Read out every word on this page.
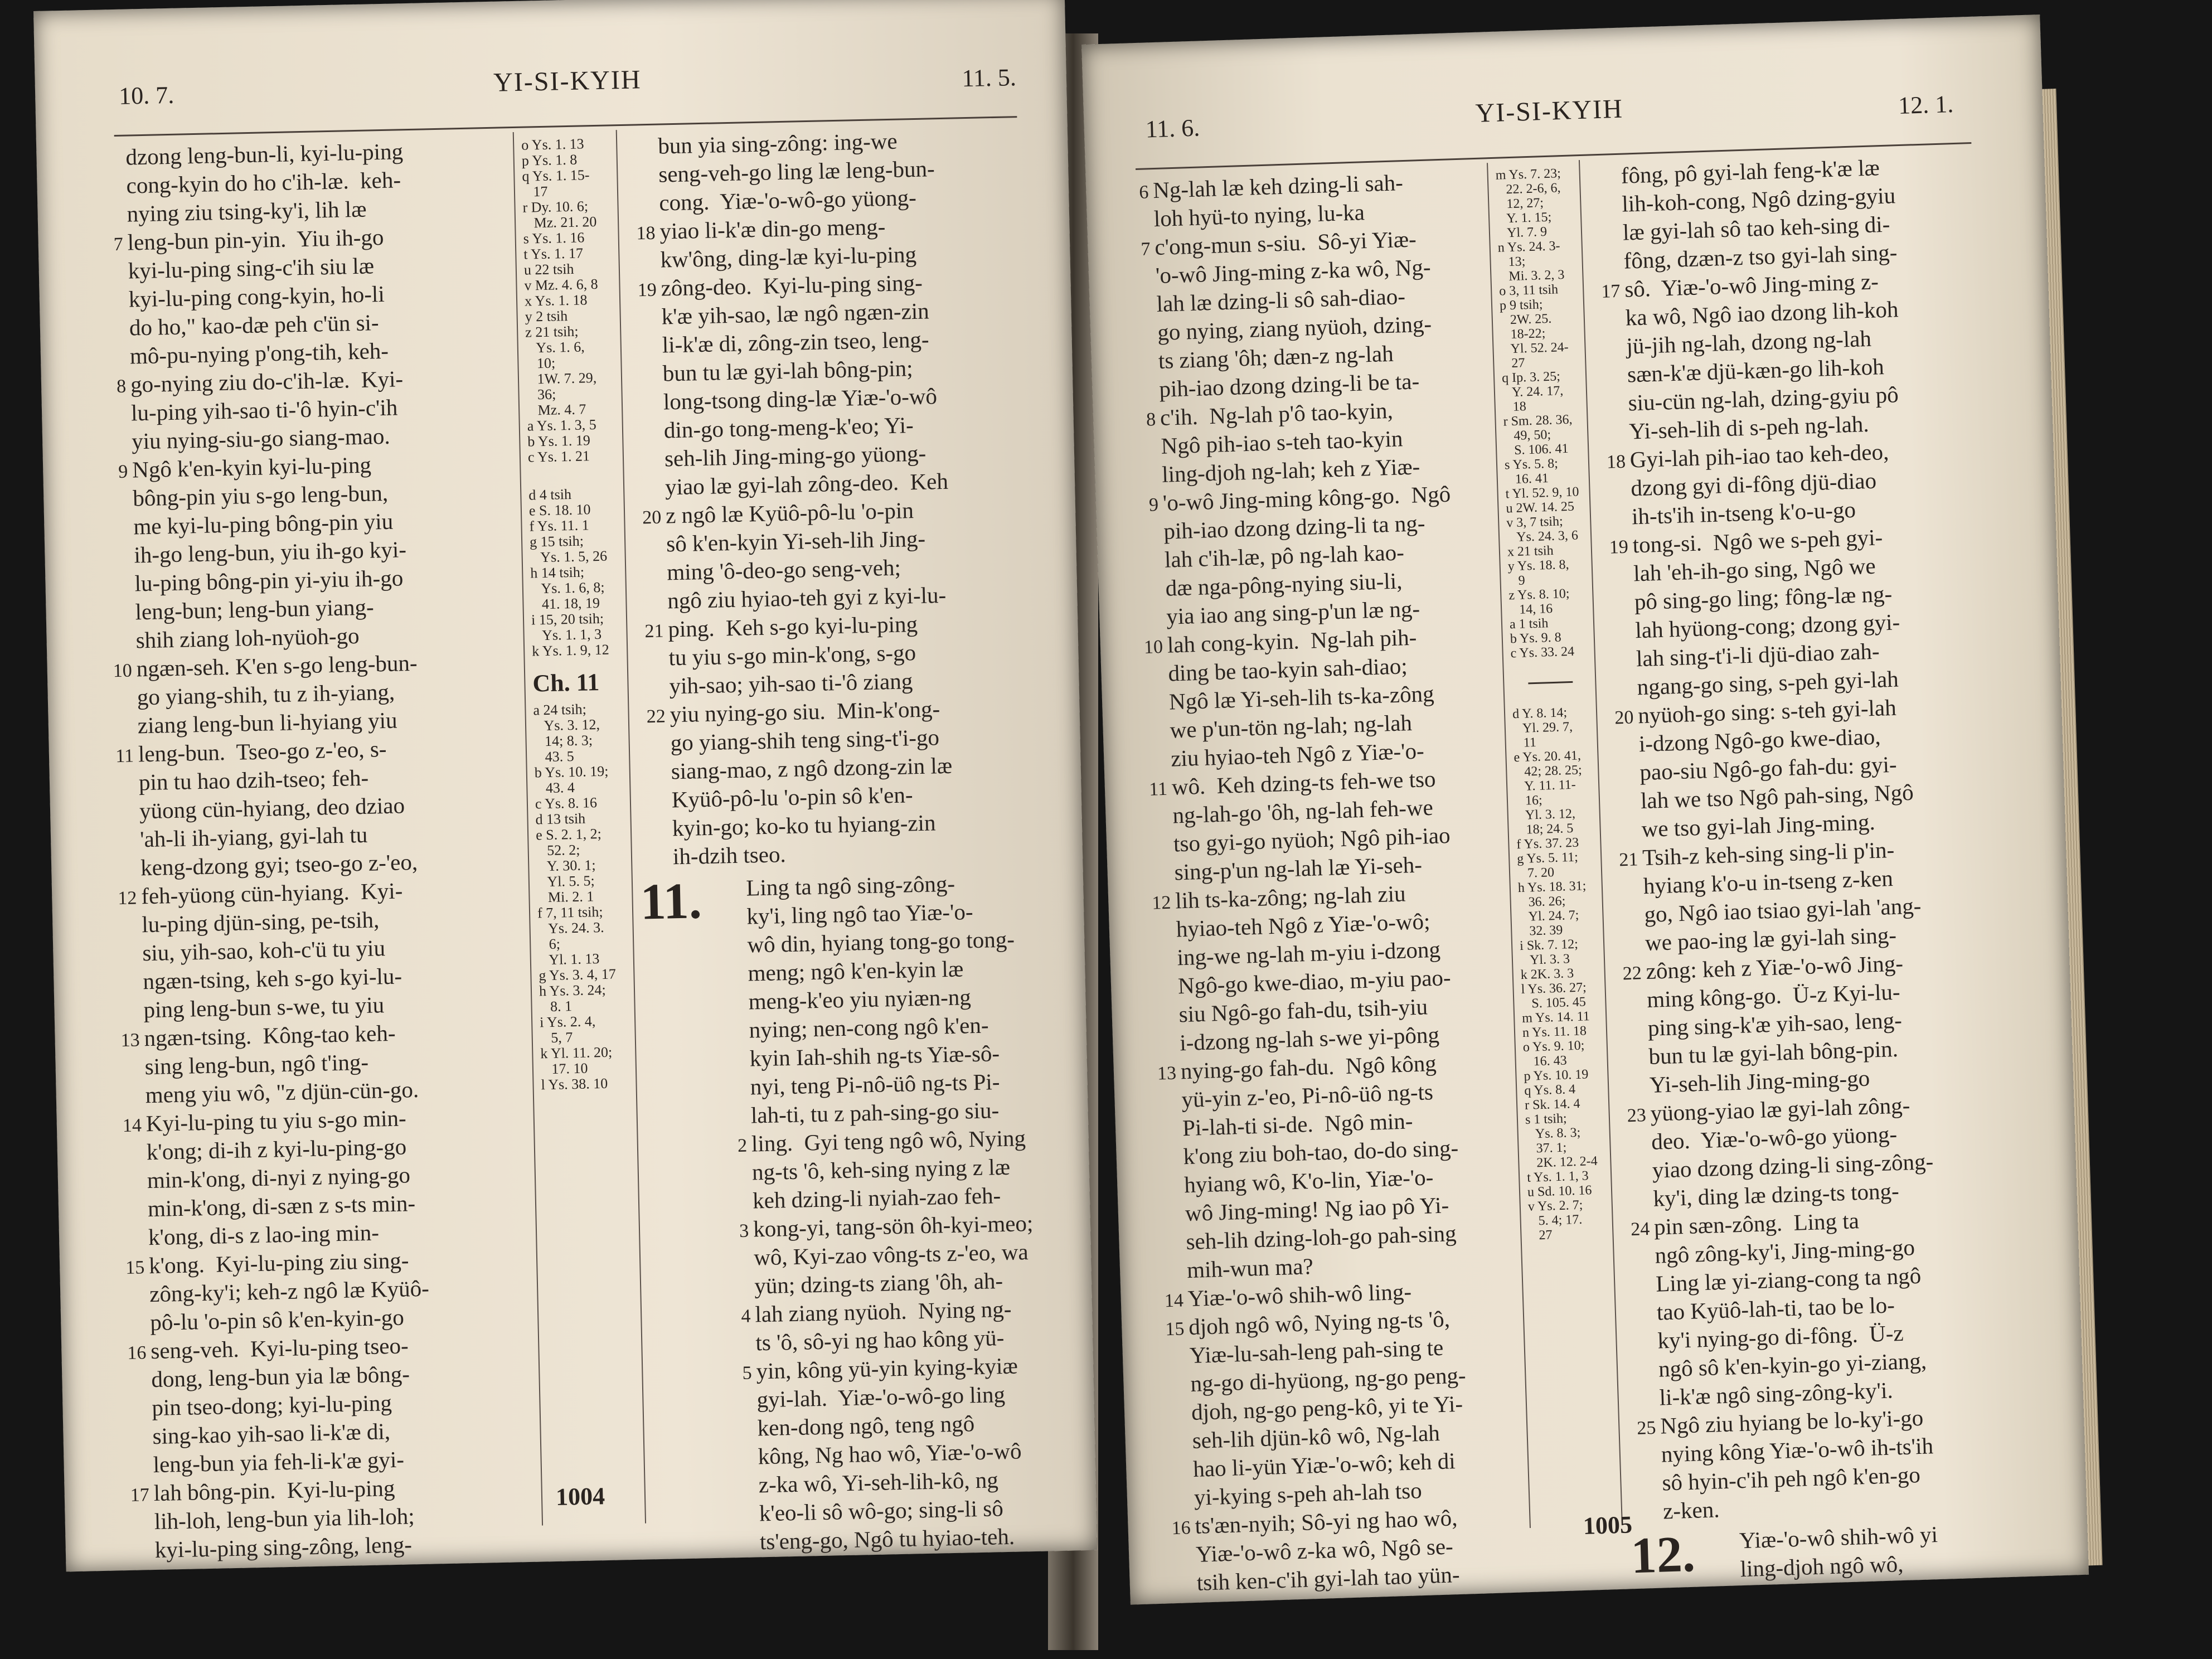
10. 7.	YI-SI-KYIH	11. 5.
dzong leng-bun-li, kyi-lu-ping
cong-kyin do ho c'ih-læ.  keh-
nying ziu tsing-ky'i, lih læ
7 leng-bun pin-yin.  Yiu ih-go
kyi-lu-ping sing-c'ih siu læ
kyi-lu-ping cong-kyin, ho-li
do ho," kao-dæ peh c'ün si-
mô-pu-nying p'ong-tih, keh-
8 go-nying ziu do-c'ih-læ.  Kyi-
lu-ping yih-sao ti-'ô hyin-c'ih
yiu nying-siu-go siang-mao.
9 Ngô k'en-kyin kyi-lu-ping
bông-pin yiu s-go leng-bun,
me kyi-lu-ping bông-pin yiu
ih-go leng-bun, yiu ih-go kyi-
lu-ping bông-pin yi-yiu ih-go
leng-bun; leng-bun yiang-
shih ziang loh-nyüoh-go
10 ngæn-seh. K'en s-go leng-bun-
go yiang-shih, tu z ih-yiang,
ziang leng-bun li-hyiang yiu
11 leng-bun.  Tseo-go z-'eo, s-
pin tu hao dzih-tseo; feh-
yüong cün-hyiang, deo dziao
'ah-li ih-yiang, gyi-lah tu
keng-dzong gyi; tseo-go z-'eo,
12 feh-yüong cün-hyiang.  Kyi-
lu-ping djün-sing, pe-tsih,
siu, yih-sao, koh-c'ü tu yiu
ngæn-tsing, keh s-go kyi-lu-
ping leng-bun s-we, tu yiu
13 ngæn-tsing.  Kông-tao keh-
sing leng-bun, ngô t'ing-
meng yiu wô, "z djün-cün-go.
14 Kyi-lu-ping tu yiu s-go min-
k'ong; di-ih z kyi-lu-ping-go
min-k'ong, di-nyi z nying-go
min-k'ong, di-sæn z s-ts min-
k'ong, di-s z lao-ing min-
15 k'ong.  Kyi-lu-ping ziu sing-
zông-ky'i; keh-z ngô læ Kyüô-
pô-lu 'o-pin sô k'en-kyin-go
16 seng-veh.  Kyi-lu-ping tseo-
dong, leng-bun yia læ bông-
pin tseo-dong; kyi-lu-ping
sing-kao yih-sao li-k'æ di,
leng-bun yia feh-li-k'æ gyi-
17 lah bông-pin.  Kyi-lu-ping
lih-loh, leng-bun yia lih-loh;
kyi-lu-ping sing-zông, leng-
o Ys. 1. 13
p Ys. 1. 8
q Ys. 1. 15-
17
r Dy. 10. 6;
Mz. 21. 20
s Ys. 1. 16
t Ys. 1. 17
u 22 tsih
v Mz. 4. 6, 8
x Ys. 1. 18
y 2 tsih
z 21 tsih;
Ys. 1. 6,
10;
1W. 7. 29,
36;
Mz. 4. 7
a Ys. 1. 3, 5
b Ys. 1. 19
c Ys. 1. 21
d 4 tsih
e S. 18. 10
f Ys. 11. 1
g 15 tsih;
Ys. 1. 5, 26
h 14 tsih;
Ys. 1. 6, 8;
41. 18, 19
i 15, 20 tsih;
Ys. 1. 1, 3
k Ys. 1. 9, 12
Ch. 11
a 24 tsih;
Ys. 3. 12,
14; 8. 3;
43. 5
b Ys. 10. 19;
43. 4
c Ys. 8. 16
d 13 tsih
e S. 2. 1, 2;
52. 2;
Y. 30. 1;
Yl. 5. 5;
Mi. 2. 1
f 7, 11 tsih;
Ys. 24. 3.
6;
Yl. 1. 13
g Ys. 3. 4, 17
h Ys. 3. 24;
8. 1
i Ys. 2. 4,
5, 7
k Yl. 11. 20;
17. 10
l Ys. 38. 10
bun yia sing-zông: ing-we
seng-veh-go ling læ leng-bun-
cong.  Yiæ-'o-wô-go yüong-
18 yiao li-k'æ din-go meng-
kw'ông, ding-læ kyi-lu-ping
19 zông-deo.  Kyi-lu-ping sing-
k'æ yih-sao, læ ngô ngæn-zin
li-k'æ di, zông-zin tseo, leng-
bun tu læ gyi-lah bông-pin;
long-tsong ding-læ Yiæ-'o-wô
din-go tong-meng-k'eo; Yi-
seh-lih Jing-ming-go yüong-
yiao læ gyi-lah zông-deo.  Keh
20 z ngô læ Kyüô-pô-lu 'o-pin
sô k'en-kyin Yi-seh-lih Jing-
ming 'ô-deo-go seng-veh;
ngô ziu hyiao-teh gyi z kyi-lu-
21 ping.  Keh s-go kyi-lu-ping
tu yiu s-go min-k'ong, s-go
yih-sao; yih-sao ti-'ô ziang
22 yiu nying-go siu.  Min-k'ong-
go yiang-shih teng sing-t'i-go
siang-mao, z ngô dzong-zin læ
Kyüô-pô-lu 'o-pin sô k'en-
kyin-go; ko-ko tu hyiang-zin
ih-dzih tseo.
11.	Ling ta ngô sing-zông-
ky'i, ling ngô tao Yiæ-'o-
wô din, hyiang tong-go tong-
meng; ngô k'en-kyin læ
meng-k'eo yiu nyiæn-ng
nying; nen-cong ngô k'en-
kyin Iah-shih ng-ts Yiæ-sô-
nyi, teng Pi-nô-üô ng-ts Pi-
lah-ti, tu z pah-sing-go siu-
2 ling.  Gyi teng ngô wô, Nying
ng-ts 'ô, keh-sing nying z læ
keh dzing-li nyiah-zao feh-
3 kong-yi, tang-sön ôh-kyi-meo;
wô, Kyi-zao vông-ts z-'eo, wa
yün; dzing-ts ziang 'ôh, ah-
4 lah ziang nyüoh.  Nying ng-
ts 'ô, sô-yi ng hao kông yü-
5 yin, kông yü-yin kying-kyiæ
gyi-lah.  Yiæ-'o-wô-go ling
ken-dong ngô, teng ngô
kông, Ng hao wô, Yiæ-'o-wô
z-ka wô, Yi-seh-lih-kô, ng
k'eo-li sô wô-go; sing-li sô
ts'eng-go, Ngô tu hyiao-teh.
1004
11. 6.
YI-SI-KYIH	12. 1.
6 Ng-lah læ keh dzing-li sah-
loh hyü-to nying, lu-ka
7 c'ong-mun s-siu.  Sô-yi Yiæ-
'o-wô Jing-ming z-ka wô, Ng-
lah læ dzing-li sô sah-diao-
go nying, ziang nyüoh, dzing-
ts ziang 'ôh; dæn-z ng-lah
pih-iao dzong dzing-li be ta-
8 c'ih.  Ng-lah p'ô tao-kyin,
Ngô pih-iao s-teh tao-kyin
ling-djoh ng-lah; keh z Yiæ-
9 'o-wô Jing-ming kông-go.  Ngô
pih-iao dzong dzing-li ta ng-
lah c'ih-læ, pô ng-lah kao-
dæ nga-pông-nying siu-li,
yia iao ang sing-p'un læ ng-
10 lah cong-kyin.  Ng-lah pih-
ding be tao-kyin sah-diao;
Ngô læ Yi-seh-lih ts-ka-zông
we p'un-tön ng-lah; ng-lah
ziu hyiao-teh Ngô z Yiæ-'o-
11 wô.  Keh dzing-ts feh-we tso
ng-lah-go 'ôh, ng-lah feh-we
tso gyi-go nyüoh; Ngô pih-iao
sing-p'un ng-lah læ Yi-seh-
12 lih ts-ka-zông; ng-lah ziu
hyiao-teh Ngô z Yiæ-'o-wô;
ing-we ng-lah m-yiu i-dzong
Ngô-go kwe-diao, m-yiu pao-
siu Ngô-go fah-du, tsih-yiu
i-dzong ng-lah s-we yi-pông
13 nying-go fah-du.  Ngô kông
yü-yin z-'eo, Pi-nô-üô ng-ts
Pi-lah-ti si-de.  Ngô min-
k'ong ziu boh-tao, do-do sing-
hyiang wô, K'o-lin, Yiæ-'o-
wô Jing-ming! Ng iao pô Yi-
seh-lih dzing-loh-go pah-sing
mih-wun ma?
14 Yiæ-'o-wô shih-wô ling-
15 djoh ngô wô, Nying ng-ts 'ô,
Yiæ-lu-sah-leng pah-sing te
ng-go di-hyüong, ng-go peng-
djoh, ng-go peng-kô, yi te Yi-
seh-lih djün-kô wô, Ng-lah
hao li-yün Yiæ-'o-wô; keh di
yi-kying s-peh ah-lah tso
16 ts'æn-nyih; Sô-yi ng hao wô,
Yiæ-'o-wô z-ka wô, Ngô se-
tsih ken-c'ih gyi-lah tao yün-
m Ys. 7. 23;
22. 2-6, 6,
12, 27;
Y. 1. 15;
Yl. 7. 9
n Ys. 24. 3-
13;
Mi. 3. 2, 3
o 3, 11 tsih
p 9 tsih;
2W. 25.
18-22;
Yl. 52. 24-
27
q Ip. 3. 25;
Y. 24. 17,
18
r Sm. 28. 36,
49, 50;
S. 106. 41
s Ys. 5. 8;
16. 41
t Yl. 52. 9, 10
u 2W. 14. 25
v 3, 7 tsih;
Ys. 24. 3, 6
x 21 tsih
y Ys. 18. 8,
9
z Ys. 8. 10;
14, 16
a 1 tsih
b Ys. 9. 8
c Ys. 33. 24
d Y. 8. 14;
Yl. 29. 7,
11
e Ys. 20. 41,
42; 28. 25;
Y. 11. 11-
16;
Yl. 3. 12,
18; 24. 5
f Ys. 37. 23
g Ys. 5. 11;
7. 20
h Ys. 18. 31;
36. 26;
Yl. 24. 7;
32. 39
i Sk. 7. 12;
Yl. 3. 3
k 2K. 3. 3
l Ys. 36. 27;
S. 105. 45
m Ys. 14. 11
n Ys. 11. 18
o Ys. 9. 10;
16. 43
p Ys. 10. 19
q Ys. 8. 4
r Sk. 14. 4
s 1 tsih;
Ys. 8. 3;
37. 1;
2K. 12. 2-4
t Ys. 1. 1, 3
u Sd. 10. 16
v Ys. 2. 7;
5. 4; 17.
27
fông, pô gyi-lah feng-k'æ læ
lih-koh-cong, Ngô dzing-gyiu
læ gyi-lah sô tao keh-sing di-
fông, dzæn-z tso gyi-lah sing-
17 sô.  Yiæ-'o-wô Jing-ming z-
ka wô, Ngô iao dzong lih-koh
jü-jih ng-lah, dzong ng-lah
sæn-k'æ djü-kæn-go lih-koh
siu-cün ng-lah, dzing-gyiu pô
Yi-seh-lih di s-peh ng-lah.
18 Gyi-lah pih-iao tao keh-deo,
dzong gyi di-fông djü-diao
ih-ts'ih in-tseng k'o-u-go
19 tong-si.  Ngô we s-peh gyi-
lah 'eh-ih-go sing, Ngô we
pô sing-go ling; fông-læ ng-
lah hyüong-cong; dzong gyi-
lah sing-t'i-li djü-diao zah-
ngang-go sing, s-peh gyi-lah
20 nyüoh-go sing: s-teh gyi-lah
i-dzong Ngô-go kwe-diao,
pao-siu Ngô-go fah-du: gyi-
lah we tso Ngô pah-sing, Ngô
we tso gyi-lah Jing-ming.
21 Tsih-z keh-sing sing-li p'in-
hyiang k'o-u in-tseng z-ken
go, Ngô iao tsiao gyi-lah 'ang-
we pao-ing læ gyi-lah sing-
22 zông: keh z Yiæ-'o-wô Jing-
ming kông-go.  Ü-z Kyi-lu-
ping sing-k'æ yih-sao, leng-
bun tu læ gyi-lah bông-pin.
Yi-seh-lih Jing-ming-go
23 yüong-yiao læ gyi-lah zông-
deo.  Yiæ-'o-wô-go yüong-
yiao dzong dzing-li sing-zông-
ky'i, ding læ dzing-ts tong-
24 pin sæn-zông.  Ling ta
ngô zông-ky'i, Jing-ming-go
Ling læ yi-ziang-cong ta ngô
tao Kyüô-lah-ti, tao be lo-
ky'i nying-go di-fông.  Ü-z
ngô sô k'en-kyin-go yi-ziang,
li-k'æ ngô sing-zông-ky'i.
25 Ngô ziu hyiang be lo-ky'i-go
nying kông Yiæ-'o-wô ih-ts'ih
sô hyin-c'ih peh ngô k'en-go
z-ken.
12.	Yiæ-'o-wô shih-wô yi
ling-djoh ngô wô,
1005
